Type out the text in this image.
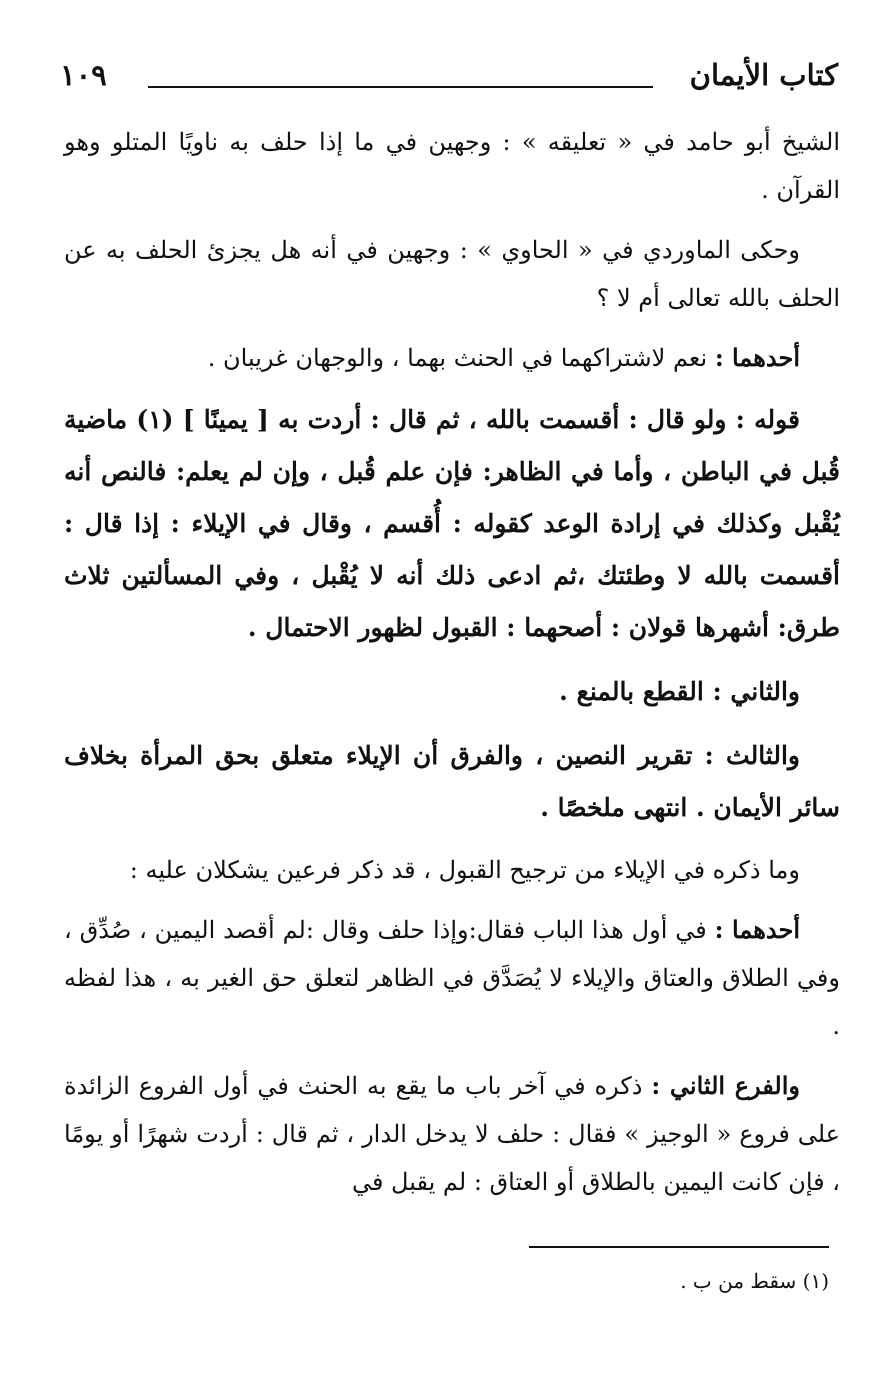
كتاب الأيمان
١٠٩

الشيخ أبو حامد في « تعليقه » : وجهين في ما إذا حلف به ناويًا المتلو وهو القرآن .

وحكى الماوردي في « الحاوي » : وجهين في أنه هل يجزئ الحلف به عن الحلف بالله تعالى أم لا ؟

أحدهما : نعم لاشتراكهما في الحنث بهما ، والوجهان غريبان .

قوله : ولو قال : أقسمت بالله ، ثم قال : أردت به [ يمينًا ] (١) ماضية قُبل في الباطن ، وأما في الظاهر: فإن علم قُبل ، وإن لم يعلم: فالنص أنه يُقْبل وكذلك في إرادة الوعد كقوله : أُقسم ، وقال في الإيلاء : إذا قال : أقسمت بالله لا وطئتك ،ثم ادعى ذلك أنه لا يُقْبل ، وفي المسألتين ثلاث طرق: أشهرها قولان : أصحهما : القبول لظهور الاحتمال .

والثاني : القطع بالمنع .

والثالث : تقرير النصين ، والفرق أن الإيلاء متعلق بحق المرأة بخلاف سائر الأيمان . انتهى ملخصًا .

وما ذكره في الإيلاء من ترجيح القبول ، قد ذكر فرعين يشكلان عليه :

أحدهما : في أول هذا الباب فقال:وإذا حلف وقال :لم أقصد اليمين ، صُدِّق ، وفي الطلاق والعتاق والإيلاء لا يُصَدَّق في الظاهر لتعلق حق الغير به ، هذا لفظه .

والفرع الثاني : ذكره في آخر باب ما يقع به الحنث في أول الفروع الزائدة على فروع « الوجيز » فقال : حلف لا يدخل الدار ، ثم قال : أردت شهرًا أو يومًا ، فإن كانت اليمين بالطلاق أو العتاق : لم يقبل في

(١) سقط من ب .
